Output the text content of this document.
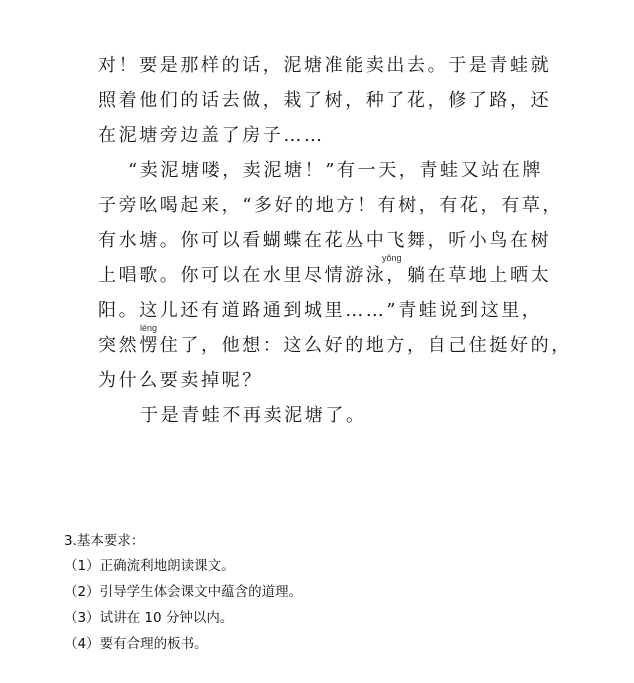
对！要是那样的话，泥塘准能卖出去。于是青蛙就
照着他们的话去做，栽了树，种了花，修了路，还
在泥塘旁边盖了房子……
“卖泥塘喽，卖泥塘！”有一天，青蛙又站在牌
子旁吆喝起来，“多好的地方！有树，有花，有草，
有水塘。你可以看蝴蝶在花丛中飞舞，听小鸟在树
yǒng
上唱歌。你可以在水里尽情游泳，躺在草地上晒太
阳。这儿还有道路通到城里……”青蛙说到这里，
lèng
突然愣住了，他想：这么好的地方，自己住挺好的，
为什么要卖掉呢？
于是青蛙不再卖泥塘了。
3.基本要求：
（1）正确流利地朗读课文。
（2）引导学生体会课文中蕴含的道理。
（3）试讲在 10 分钟以内。
（4）要有合理的板书。
